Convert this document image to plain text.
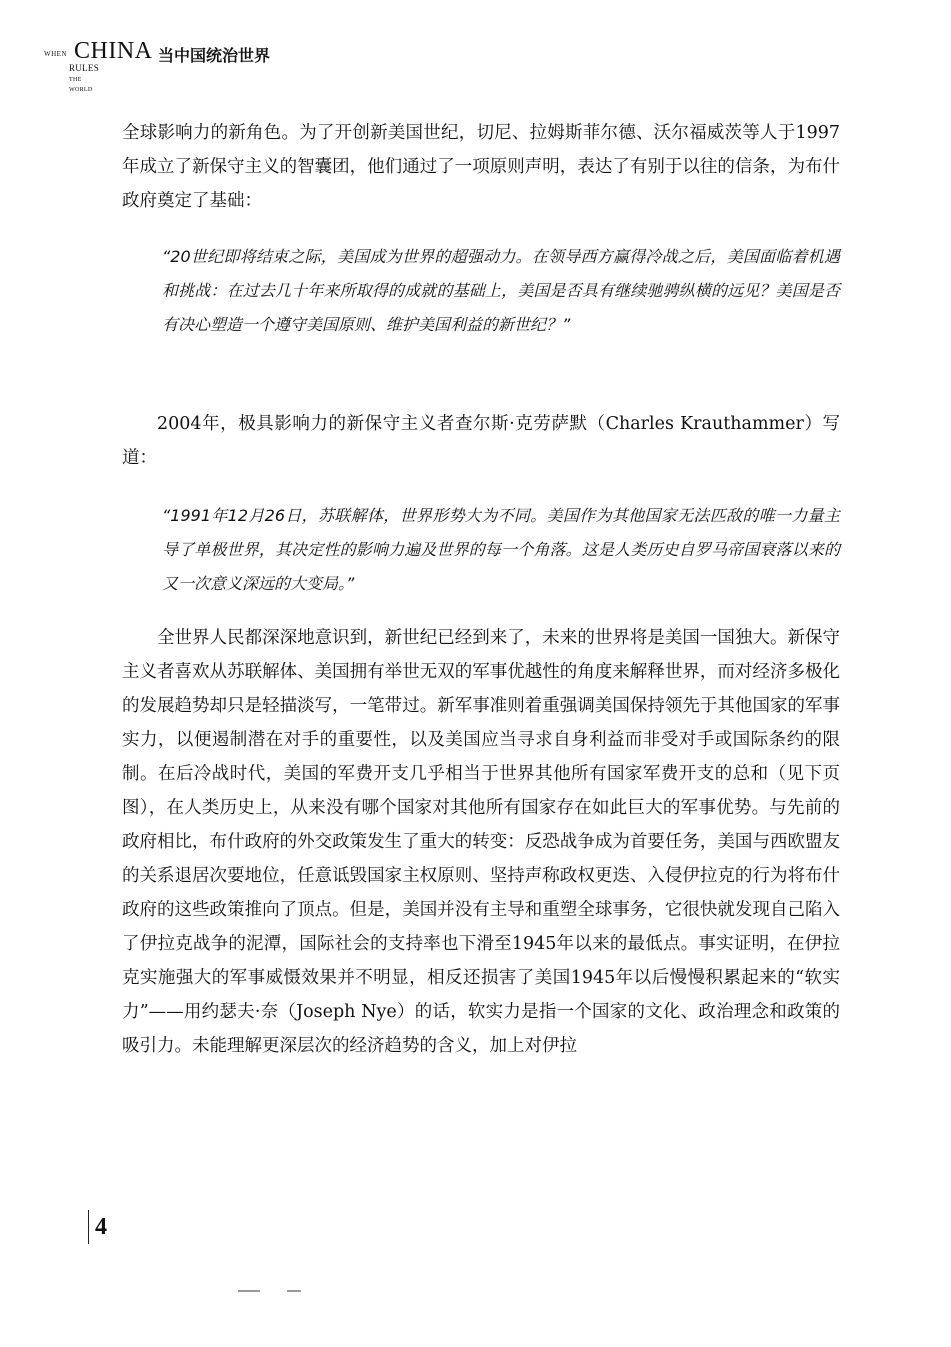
WHEN CHINA
RULES THE WORLD
当中国统治世界

全球影响力的新角色。为了开创新美国世纪，切尼、拉姆斯菲尔德、沃尔福威茨等人于1997年成立了新保守主义的智囊团，他们通过了一项原则声明，表达了有别于以往的信条，为布什政府奠定了基础：

“20世纪即将结束之际，美国成为世界的超强动力。在领导西方赢得冷战之后，美国面临着机遇和挑战：在过去几十年来所取得的成就的基础上，美国是否具有继续驰骋纵横的远见？美国是否有决心塑造一个遵守美国原则、维护美国利益的新世纪？”

2004年，极具影响力的新保守主义者查尔斯·克劳萨默（Charles Krauthammer）写道：

“1991年12月26日，苏联解体，世界形势大为不同。美国作为其他国家无法匹敌的唯一力量主导了单极世界，其决定性的影响力遍及世界的每一个角落。这是人类历史自罗马帝国衰落以来的又一次意义深远的大变局。”

全世界人民都深深地意识到，新世纪已经到来了，未来的世界将是美国一国独大。新保守主义者喜欢从苏联解体、美国拥有举世无双的军事优越性的角度来解释世界，而对经济多极化的发展趋势却只是轻描淡写，一笔带过。新军事准则着重强调美国保持领先于其他国家的军事实力，以便遏制潜在对手的重要性，以及美国应当寻求自身利益而非受对手或国际条约的限制。在后冷战时代，美国的军费开支几乎相当于世界其他所有国家军费开支的总和（见下页图），在人类历史上，从来没有哪个国家对其他所有国家存在如此巨大的军事优势。与先前的政府相比，布什政府的外交政策发生了重大的转变：反恐战争成为首要任务，美国与西欧盟友的关系退居次要地位，任意诋毁国家主权原则、坚持声称政权更迭、入侵伊拉克的行为将布什政府的这些政策推向了顶点。但是，美国并没有主导和重塑全球事务，它很快就发现自己陷入了伊拉克战争的泥潭，国际社会的支持率也下滑至1945年以来的最低点。事实证明，在伊拉克实施强大的军事威慑效果并不明显，相反还损害了美国1945年以后慢慢积累起来的“软实力”——用约瑟夫·奈（Joseph Nye）的话，软实力是指一个国家的文化、政治理念和政策的吸引力。未能理解更深层次的经济趋势的含义，加上对伊拉

4
